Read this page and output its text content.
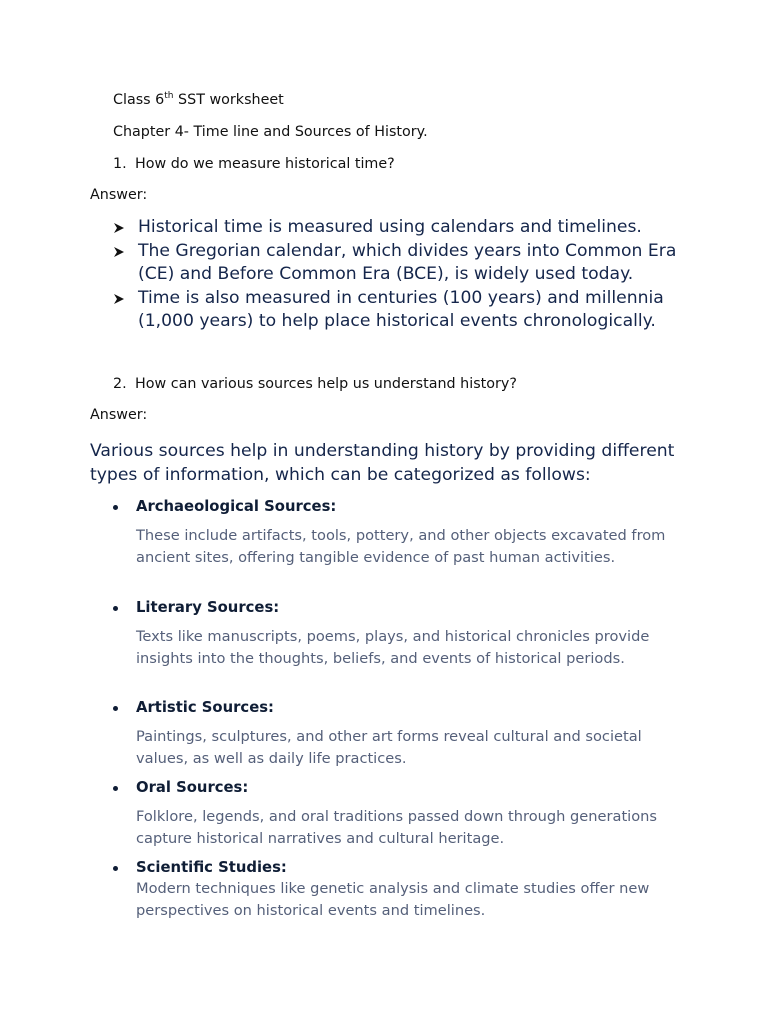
Class 6th SST worksheet
Chapter 4- Time line and Sources of History.
1. How do we measure historical time?
Answer:
Historical time is measured using calendars and timelines.
The Gregorian calendar, which divides years into Common Era (CE) and Before Common Era (BCE), is widely used today.
Time is also measured in centuries (100 years) and millennia (1,000 years) to help place historical events chronologically.
2. How can various sources help us understand history?
Answer:
Various sources help in understanding history by providing different types of information, which can be categorized as follows:
Archaeological Sources:
These include artifacts, tools, pottery, and other objects excavated from ancient sites, offering tangible evidence of past human activities.
Literary Sources:
Texts like manuscripts, poems, plays, and historical chronicles provide insights into the thoughts, beliefs, and events of historical periods.
Artistic Sources:
Paintings, sculptures, and other art forms reveal cultural and societal values, as well as daily life practices.
Oral Sources:
Folklore, legends, and oral traditions passed down through generations capture historical narratives and cultural heritage.
Scientific Studies:
Modern techniques like genetic analysis and climate studies offer new perspectives on historical events and timelines.
